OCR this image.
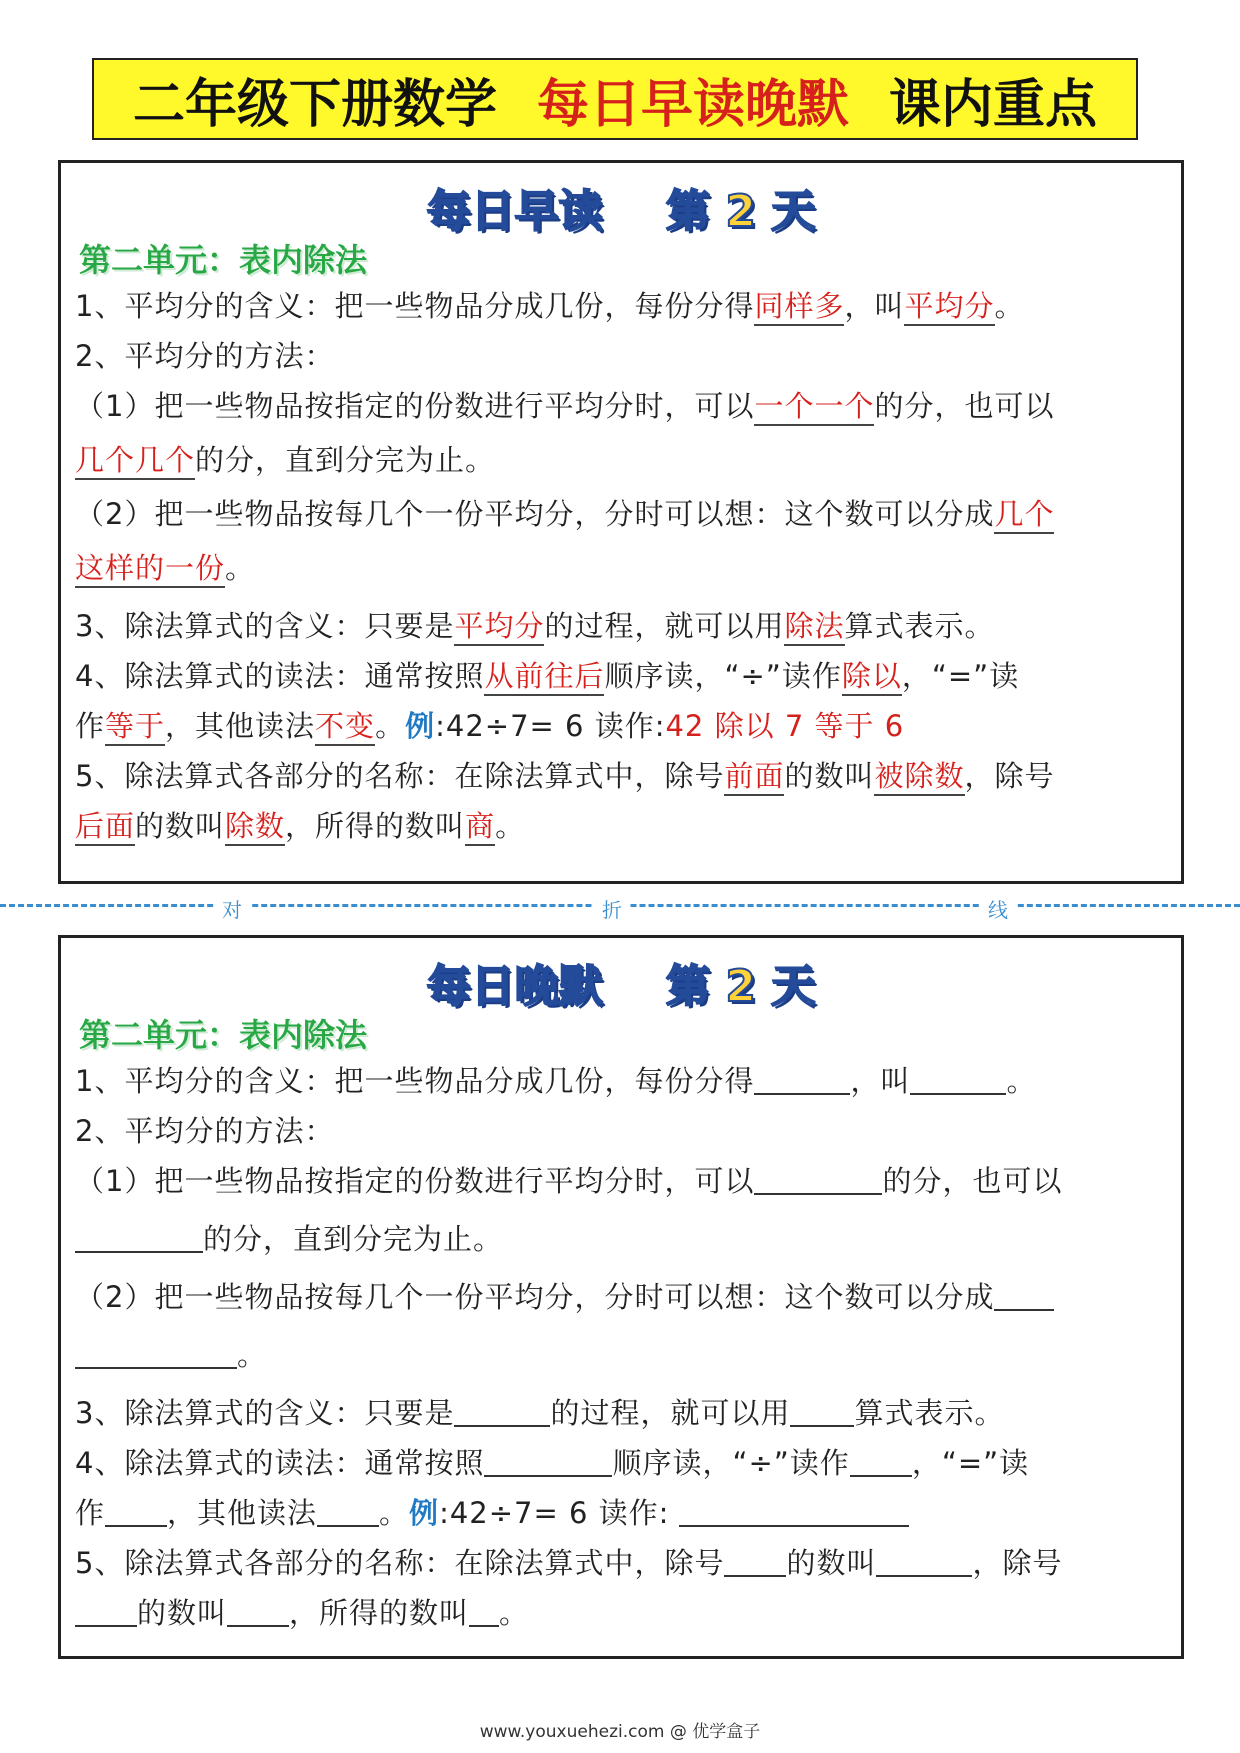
二年级下册数学 每日早读晚默 课内重点
每日早读 第 2 天
第二单元：表内除法
1、平均分的含义：把一些物品分成几份，每份分得同样多，叫平均分。
2、平均分的方法：
（1）把一些物品按指定的份数进行平均分时，可以一个一个的分，也可以
几个几个的分，直到分完为止。
（2）把一些物品按每几个一份平均分，分时可以想：这个数可以分成几个
这样的一份。
3、除法算式的含义：只要是平均分的过程，就可以用除法算式表示。
4、除法算式的读法：通常按照从前往后顺序读，“÷”读作除以，“=”读
作等于，其他读法不变。例:42÷7= 6 读作:42 除以 7 等于 6
5、除法算式各部分的名称：在除法算式中，除号前面的数叫被除数，除号
后面的数叫除数，所得的数叫商。
对	折	线
每日晚默 第 2 天
第二单元：表内除法
1、平均分的含义：把一些物品分成几份，每份分得	，叫	。
2、平均分的方法：
（1）把一些物品按指定的份数进行平均分时，可以	的分，也可以
的分，直到分完为止。
（2）把一些物品按每几个一份平均分，分时可以想：这个数可以分成
。
3、除法算式的含义：只要是	的过程，就可以用 算式表示。
4、除法算式的读法：通常按照	顺序读，“÷”读作 ，“=”读
作 ，其他读法 。例:42÷7= 6 读作:
5、除法算式各部分的名称：在除法算式中，除号 的数叫	，除号
的数叫 ，所得的数叫 。
www.youxuehezi.com @ 优学盒子
